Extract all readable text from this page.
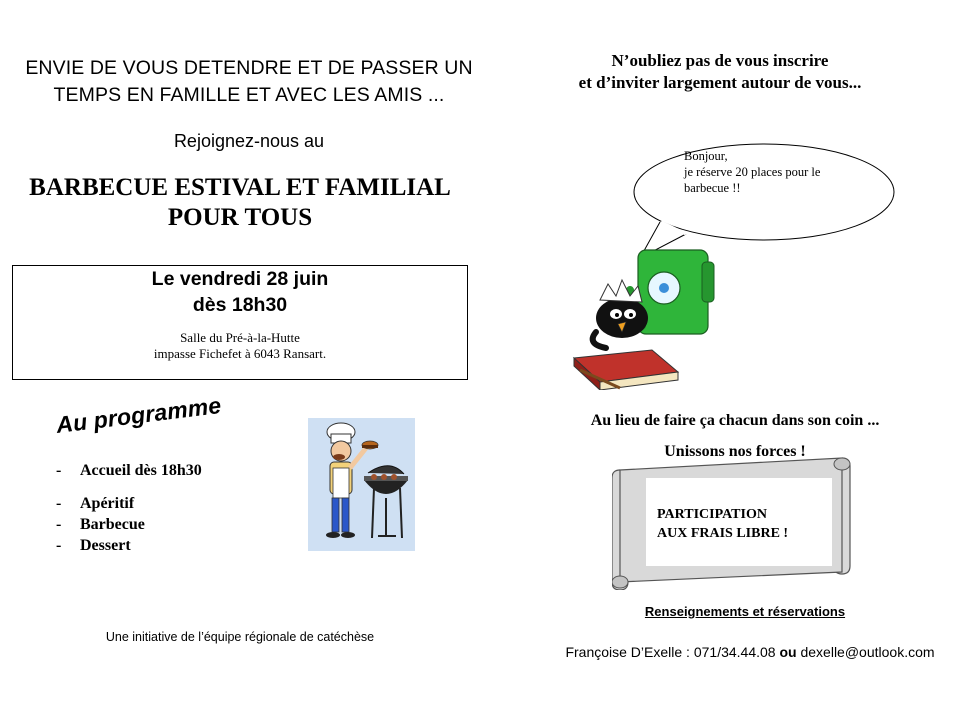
ENVIE DE VOUS DETENDRE ET DE PASSER UN
TEMPS EN FAMILLE ET AVEC LES AMIS ...
Rejoignez-nous au
BARBECUE ESTIVAL ET FAMILIAL
POUR TOUS
Le vendredi 28 juin
dès 18h30
Salle du Pré-à-la-Hutte
impasse Fichefet à 6043 Ransart.
Au programme
- Accueil dès 18h30
- Apéritif
- Barbecue
- Dessert
Une initiative de l’équipe régionale de catéchèse
N’oubliez pas de vous inscrire
et d’inviter largement autour de vous...
Bonjour,
je réserve 20 places pour le
barbecue !!
Au lieu de faire ça chacun dans son coin ...
Unissons nos forces !
PARTICIPATION
AUX FRAIS LIBRE !
Renseignements et réservations
Françoise D’Exelle : 071/34.44.08 ou dexelle@outlook.com
